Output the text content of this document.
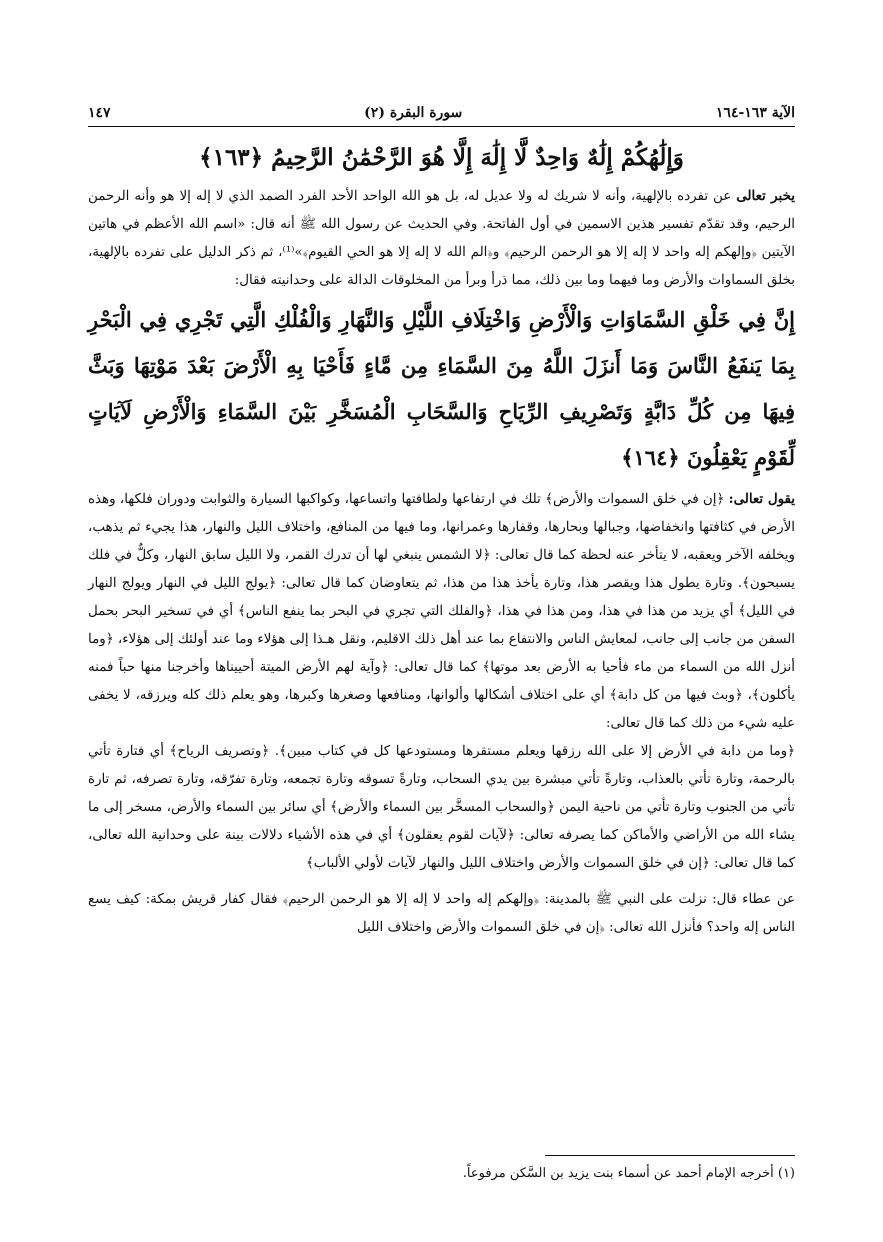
١٤٧	(٢) سورة البقرة	الآية ١٦٣-١٦٤

وَإِلَٰهُكُمْ إِلَٰهٌ وَاحِدٌ لَّا إِلَٰهَ إِلَّا هُوَ الرَّحْمَٰنُ الرَّحِيمُ ﴿١٦٣﴾

يخبر تعالى عن تفرده بالإلهية، وأنه لا شريك له ولا عديل له، بل هو الله الواحد الأحد الفرد الصمد الذي لا إله إلا هو وأنه الرحمن الرحيم، وقد تقدّم تفسير هذين الاسمين في أول الفاتحة. وفي الحديث عن رسول الله ﷺ أنه قال: «اسم الله الأعظم في هاتين الآيتين ﴿وإلهكم إله واحد لا إله إلا هو الرحمن الرحيم﴾ و﴿الم الله لا إله إلا هو الحي القيوم﴾»⁽¹⁾، ثم ذكر الدليل على تفرده بالإلهية، بخلق السماوات والأرض وما فيهما وما بين ذلك، مما ذرأ وبرأ من المخلوقات الدالة على وحدانيته فقال:

إِنَّ فِي خَلْقِ السَّمَاوَاتِ وَالْأَرْضِ وَاخْتِلَافِ اللَّيْلِ وَالنَّهَارِ وَالْفُلْكِ الَّتِي تَجْرِي فِي الْبَحْرِ بِمَا يَنفَعُ النَّاسَ وَمَا أَنزَلَ اللَّهُ مِنَ السَّمَاءِ مِن مَّاءٍ فَأَحْيَا بِهِ الْأَرْضَ بَعْدَ مَوْتِهَا وَبَثَّ فِيهَا مِن كُلِّ دَابَّةٍ وَتَصْرِيفِ الرِّيَاحِ وَالسَّحَابِ الْمُسَخَّرِ بَيْنَ السَّمَاءِ وَالْأَرْضِ لَآيَاتٍ لِّقَوْمٍ يَعْقِلُونَ ﴿١٦٤﴾

يقول تعالى: ﴿إن في خلق السموات والأرض﴾ تلك في ارتفاعها ولطافتها واتساعها، وكواكبها السيارة والثوابت ودوران فلكها، وهذه الأرض في كثافتها وانخفاضها، وجبالها وبحارها، وقفارها وعمرانها، وما فيها من المنافع، واختلاف الليل والنهار، هذا يجيء ثم يذهب، ويخلفه الآخر ويعقبه، لا يتأخر عنه لحظة كما قال تعالى: ﴿لا الشمس ينبغي لها أن تدرك القمر، ولا الليل سابق النهار، وكلٌّ في فلك يسبحون﴾. وتارة يطول هذا ويقصر هذا، وتارة يأخذ هذا من هذا، ثم يتعاوضان كما قال تعالى: ﴿يولج الليل في النهار ويولج النهار في الليل﴾ أي يزيد من هذا في هذا، ومن هذا في هذا، ﴿والفلك التي تجري في البحر بما ينفع الناس﴾ أي في تسخير البحر بحمل السفن من جانب إلى جانب، لمعايش الناس والانتفاع بما عند أهل ذلك الاقليم، ونقل هـذا إلى هؤلاء وما عند أولئك إلى هؤلاء، ﴿وما أنزل الله من السماء من ماء فأحيا به الأرض بعد موتها﴾ كما قال تعالى: ﴿وآية لهم الأرض الميتة أحييناها وأخرجنا منها حباً فمنه يأكلون﴾، ﴿وبث فيها من كل دابة﴾ أي على اختلاف أشكالها وألوانها، ومنافعها وصغرها وكبرها، وهو يعلم ذلك كله ويرزقه، لا يخفى عليه شيء من ذلك كما قال تعالى:

﴿وما من دابة في الأرض إلا على الله رزقها ويعلم مستقرها ومستودعها كل في كتاب مبين﴾. ﴿وتصريف الرياح﴾ أي فتارة تأتي بالرحمة، وتارة تأتي بالعذاب، وتارةً تأتي مبشرة بين يدي السحاب، وتارةً تسوقه وتارة تجمعه، وتارة تفرّقه، وتارة تصرفه، ثم تارة تأتي من الجنوب وتارة تأتي من ناحية اليمن ﴿والسحاب المسخَّر بين السماء والأرض﴾ أي سائر بين السماء والأرض، مسخر إلى ما يشاء الله من الأراضي والأماكن كما يصرفه تعالى: ﴿لآيات لقوم يعقلون﴾ أي في هذه الأشياء دلالات بينة على وحدانية الله تعالى، كما قال تعالى: ﴿إن في خلق السموات والأرض واختلاف الليل والنهار لآيات لأولي الألباب﴾

عن عطاء قال: نزلت على النبي ﷺ بالمدينة: ﴿وإلهكم إله واحد لا إله إلا هو الرحمن الرحيم﴾ فقال كفار قريش بمكة: كيف يسع الناس إله واحد؟ فأنزل الله تعالى: ﴿إن في خلق السموات والأرض واختلاف الليل

(١) أخرجه الإمام أحمد عن أسماء بنت يزيد بن السَّكن مرفوعاً.
